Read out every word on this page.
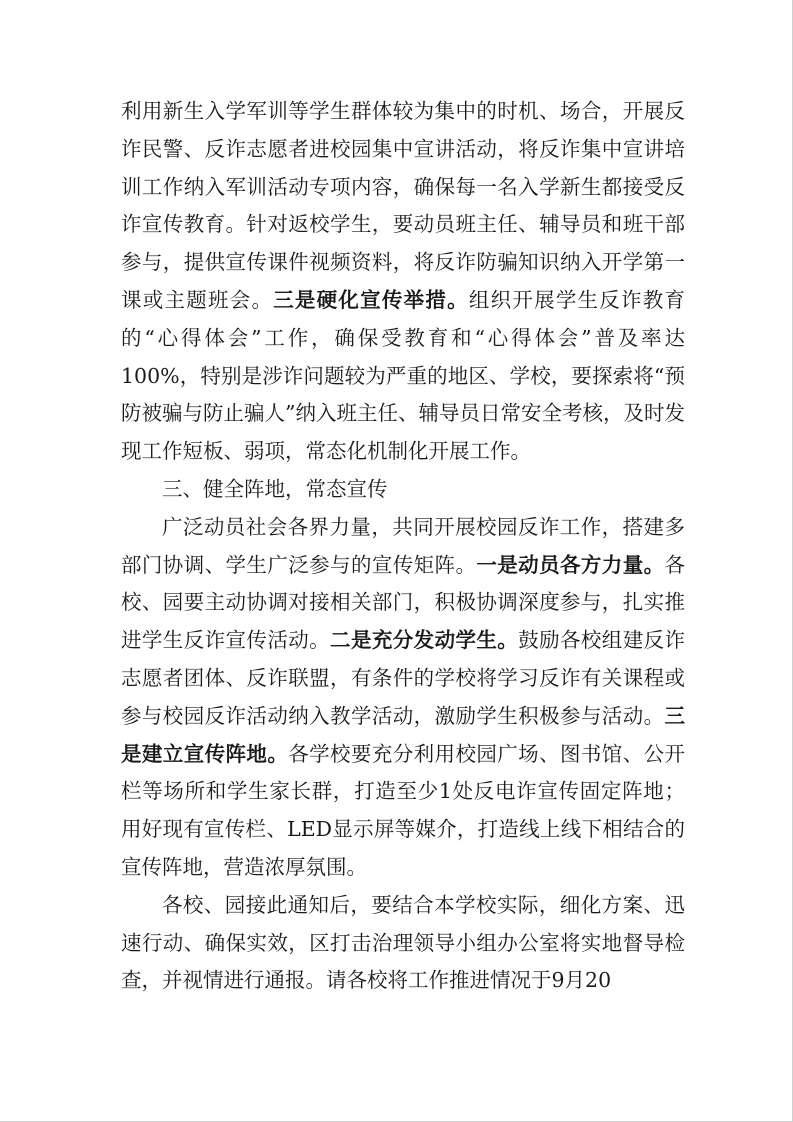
利用新生入学军训等学生群体较为集中的时机、场合，开展反诈民警、反诈志愿者进校园集中宣讲活动，将反诈集中宣讲培训工作纳入军训活动专项内容，确保每一名入学新生都接受反诈宣传教育。针对返校学生，要动员班主任、辅导员和班干部参与，提供宣传课件视频资料，将反诈防骗知识纳入开学第一课或主题班会。三是硬化宣传举措。组织开展学生反诈教育的“心得体会”工作，确保受教育和“心得体会”普及率达100%，特别是涉诈问题较为严重的地区、学校，要探索将“预防被骗与防止骗人”纳入班主任、辅导员日常安全考核，及时发现工作短板、弱项，常态化机制化开展工作。

三、健全阵地，常态宣传

广泛动员社会各界力量，共同开展校园反诈工作，搭建多部门协调、学生广泛参与的宣传矩阵。一是动员各方力量。各校、园要主动协调对接相关部门，积极协调深度参与，扎实推进学生反诈宣传活动。二是充分发动学生。鼓励各校组建反诈志愿者团体、反诈联盟，有条件的学校将学习反诈有关课程或参与校园反诈活动纳入教学活动，激励学生积极参与活动。三是建立宣传阵地。各学校要充分利用校园广场、图书馆、公开栏等场所和学生家长群，打造至少1处反电诈宣传固定阵地；用好现有宣传栏、LED显示屏等媒介，打造线上线下相结合的宣传阵地，营造浓厚氛围。

各校、园接此通知后，要结合本学校实际，细化方案、迅速行动、确保实效，区打击治理领导小组办公室将实地督导检查，并视情进行通报。请各校将工作推进情况于9月20
